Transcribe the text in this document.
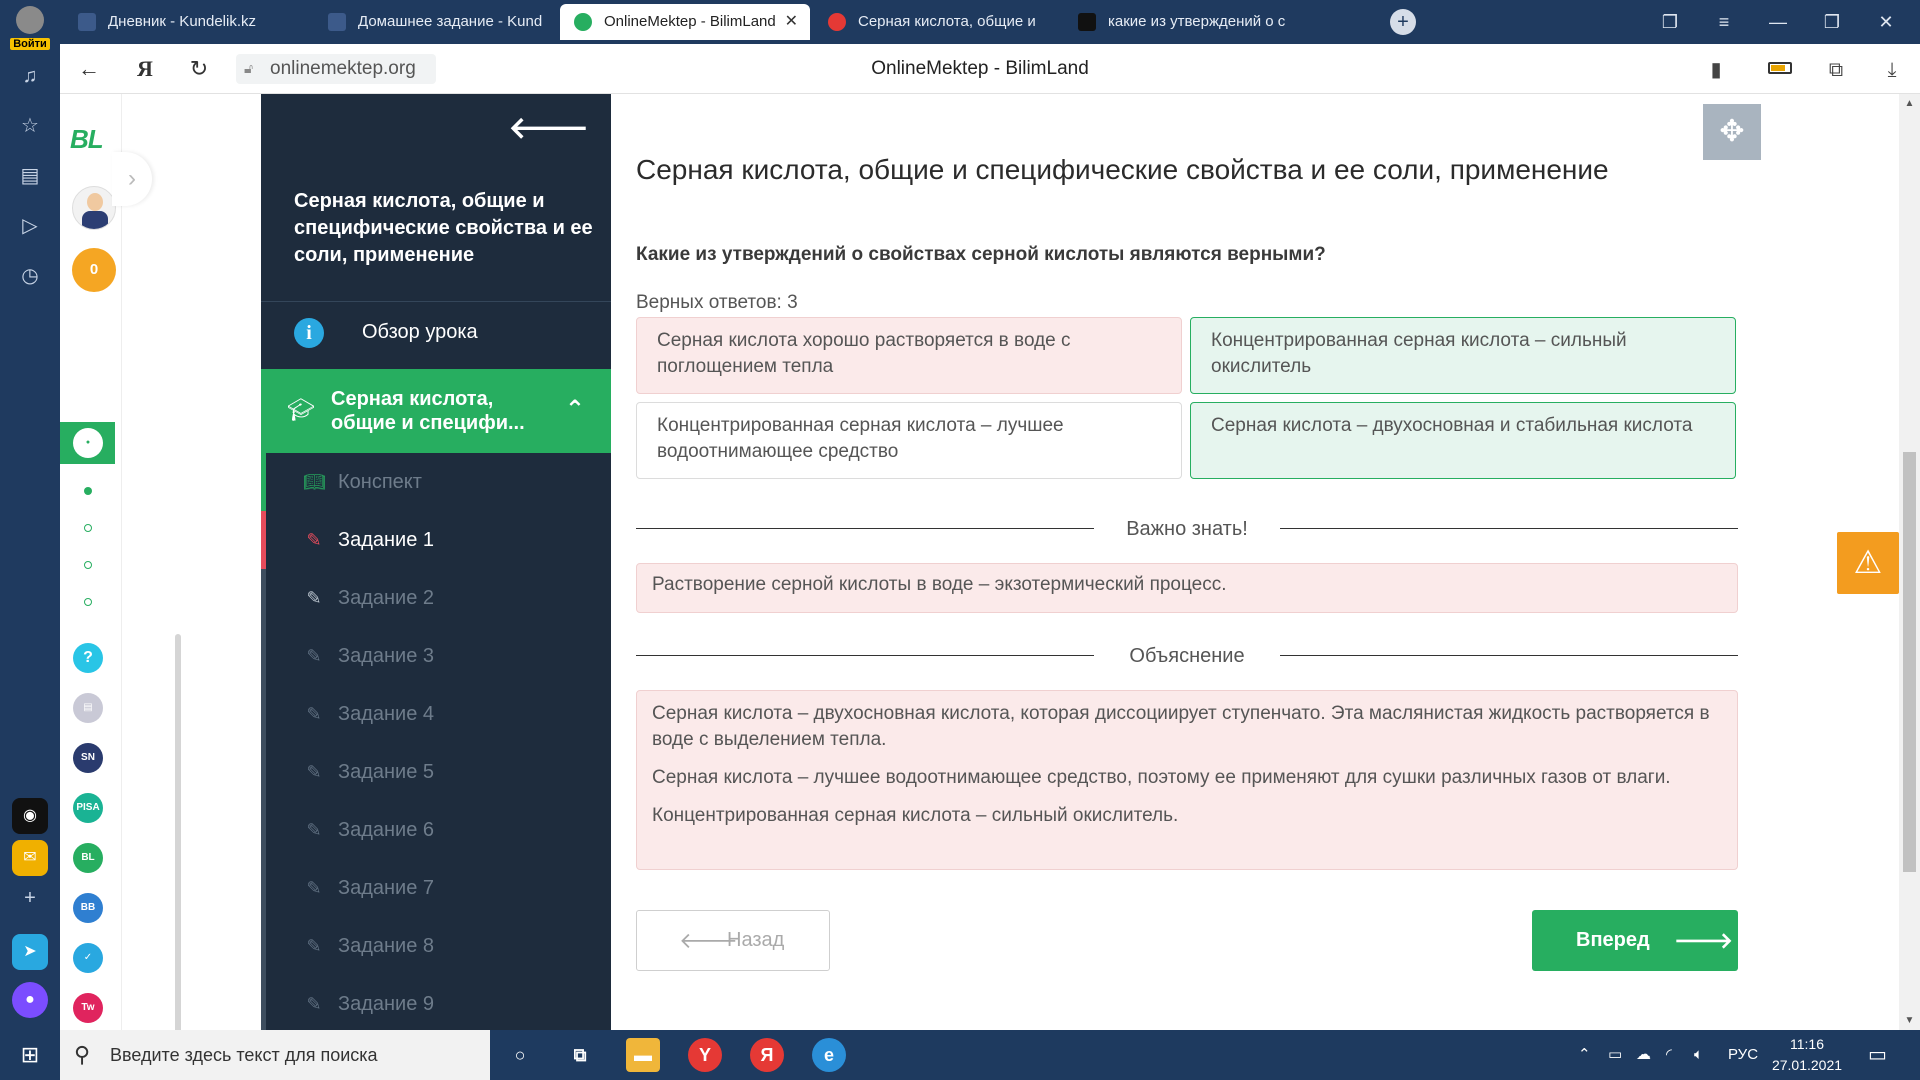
Войти
♫
☆
▤
▷
◷
◉
✉
+
➤
●
Дневник - Kundelik.kz	Домашнее задание - Kund	OnlineMektep - BilimLand ✕	Серная кислота, общие и	какие из утверждений о с	+	❐	≡	—	❐	✕
←	Я	↻	🔓︎ onlinemektep.org	OnlineMektep - BilimLand	▮	⧉	⤓
BL
0
●
?
▤
SN
PISA
BL
BB
✓
Tw
›
🡐
Серная кислота, общие и специфические свойства и ее соли, применение
i	Обзор урока
🎓︎ Серная кислота, общие и специфи...	⌃
📖︎ Конспект
✎ Задание 1
✎ Задание 2
✎ Задание 3
✎ Задание 4
✎ Задание 5
✎ Задание 6
✎ Задание 7
✎ Задание 8
✎ Задание 9
Серная кислота, общие и специфические свойства и ее соли, применение
Какие из утверждений о свойствах серной кислоты являются верными?
Верных ответов: 3
Серная кислота хорошо растворяется в воде с поглощением тепла
Концентрированная серная кислота – сильный окислитель
Концентрированная серная кислота – лучшее водоотнимающее средство
Серная кислота – двухосновная и стабильная кислота
Важно знать!

Растворение серной кислоты в воде – экзотермический процесс.

Объяснение

Серная кислота – двухосновная кислота, которая диссоциирует ступенчато. Эта маслянистая жидкость растворяется в воде с выделением тепла.

Серная кислота – лучшее водоотнимающее средство, поэтому ее применяют для сушки различных газов от влаги.

Концентрированная серная кислота – сильный окислитель.

🡐
Назад	Вперед 🡒
✥
⚠
▲
▼
⊞	⚲ Введите здесь текст для поиска	○	⧉	▬	Y	Я	e	⌃ ▭ ☁ ◜ 🔈︎ РУС
11:16
27.01.2021	▭
